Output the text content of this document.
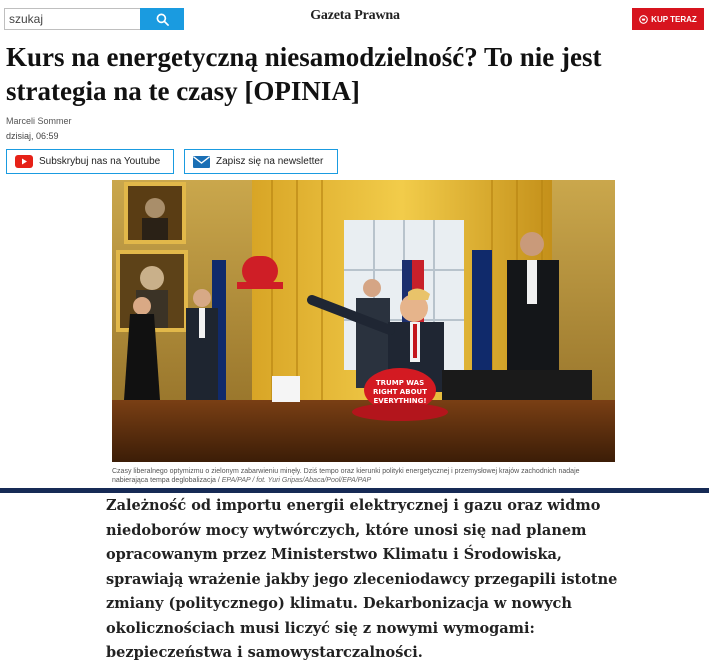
szukaj
Gazeta Prawna	KUP TERAZ
Kurs na energetyczną niesamodzielność? To nie jest strategia na te czasy [OPINIA]
Marceli Sommer
dzisiaj, 06:59
Subskrybuj nas na Youtube	Zapisz się na newsletter
TRUMP WAS
RIGHT ABOUT
EVERYTHING!
Czasy liberalnego optymizmu o zielonym zabarwieniu minęły. Dziś tempo oraz kierunki polityki energetycznej i przemysłowej krajów zachodnich nadaje nabierająca tempa deglobalizacja / EPA/PAP / fot. Yuri Gripas/Abaca/Pool/EPA/PAP

Zależność od importu energii elektrycznej i gazu oraz widmo niedoborów mocy wytwórczych, które unosi się nad planem opracowanym przez Ministerstwo Klimatu i Środowiska, sprawiają wrażenie jakby jego zleceniodawcy przegapili istotne zmiany (politycznego) klimatu. Dekarbonizacja w nowych okolicznościach musi liczyć się z nowymi wymogami: bezpieczeństwa i samowystarczalności.
